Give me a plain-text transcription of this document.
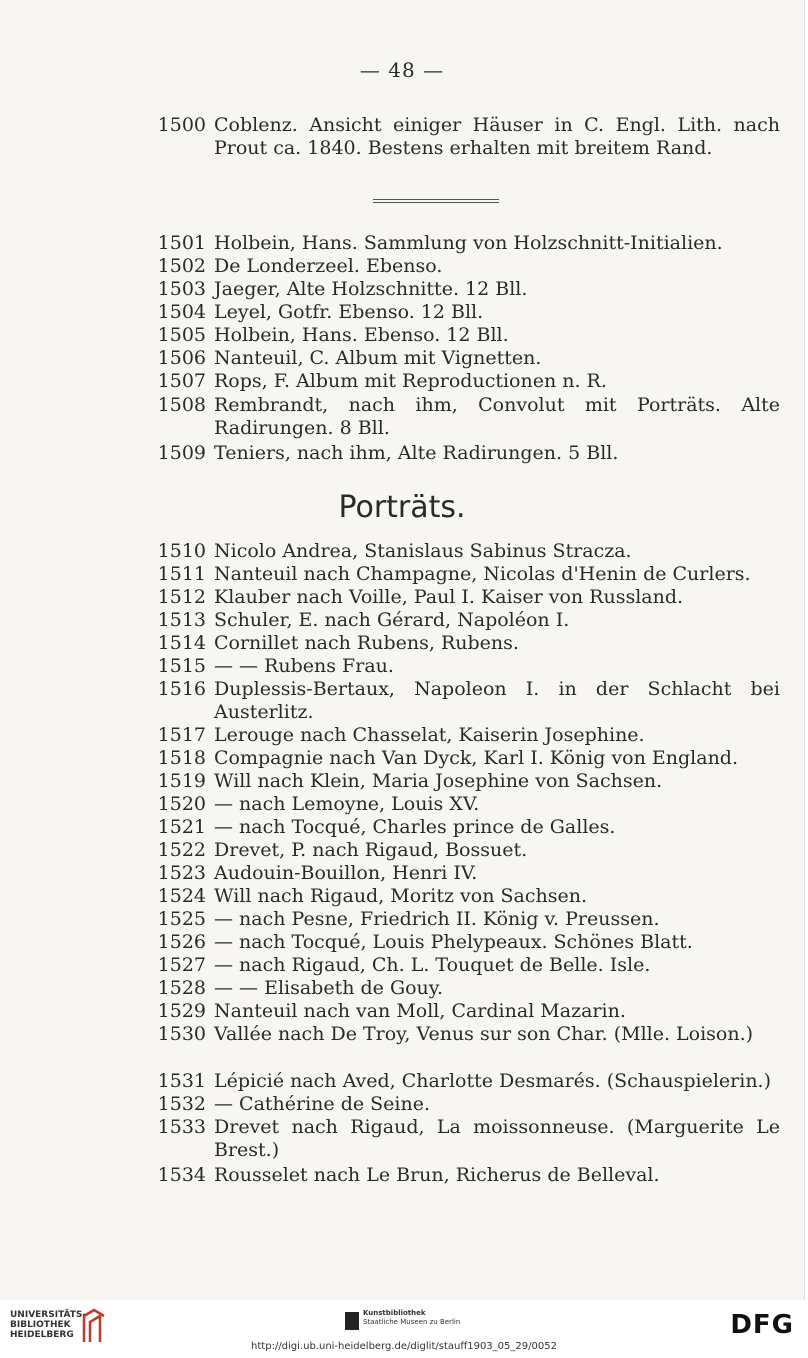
— 48 —
1500 Coblenz. Ansicht einiger Häuser in C. Engl. Lith. nach Prout ca. 1840. Bestens erhalten mit breitem Rand.
1501 Holbein, Hans. Sammlung von Holzschnitt-Initialien.
1502 De Londerzeel. Ebenso.
1503 Jaeger, Alte Holzschnitte. 12 Bll.
1504 Leyel, Gotfr. Ebenso. 12 Bll.
1505 Holbein, Hans. Ebenso. 12 Bll.
1506 Nanteuil, C. Album mit Vignetten.
1507 Rops, F. Album mit Reproductionen n. R.
1508 Rembrandt, nach ihm, Convolut mit Porträts. Alte Radirungen. 8 Bll.
1509 Teniers, nach ihm, Alte Radirungen. 5 Bll.
Porträts.
1510 Nicolo Andrea, Stanislaus Sabinus Stracza.
1511 Nanteuil nach Champagne, Nicolas d'Henin de Curlers.
1512 Klauber nach Voille, Paul I. Kaiser von Russland.
1513 Schuler, E. nach Gérard, Napoléon I.
1514 Cornillet nach Rubens, Rubens.
1515 — — Rubens Frau.
1516 Duplessis-Bertaux, Napoleon I. in der Schlacht bei Austerlitz.
1517 Lerouge nach Chasselat, Kaiserin Josephine.
1518 Compagnie nach Van Dyck, Karl I. König von England.
1519 Will nach Klein, Maria Josephine von Sachsen.
1520 — nach Lemoyne, Louis XV.
1521 — nach Tocqué, Charles prince de Galles.
1522 Drevet, P. nach Rigaud, Bossuet.
1523 Audouin-Bouillon, Henri IV.
1524 Will nach Rigaud, Moritz von Sachsen.
1525 — nach Pesne, Friedrich II. König v. Preussen.
1526 — nach Tocqué, Louis Phelypeaux. Schönes Blatt.
1527 — nach Rigaud, Ch. L. Touquet de Belle. Isle.
1528 — — Elisabeth de Gouy.
1529 Nanteuil nach van Moll, Cardinal Mazarin.
1530 Vallée nach De Troy, Venus sur son Char. (Mlle. Loison.)
1531 Lépicié nach Aved, Charlotte Desmarés. (Schauspielerin.)
1532 — Cathérine de Seine.
1533 Drevet nach Rigaud, La moissonneuse. (Marguerite Le Brest.)
1534 Rousselet nach Le Brun, Richerus de Belleval.
UNIVERSITÄTS- BIBLIOTHEK HEIDELBERG
Kunstbibliothek
Staatliche Museen zu Berlin
http://digi.ub.uni-heidelberg.de/diglit/stauff1903_05_29/0052
DFG
